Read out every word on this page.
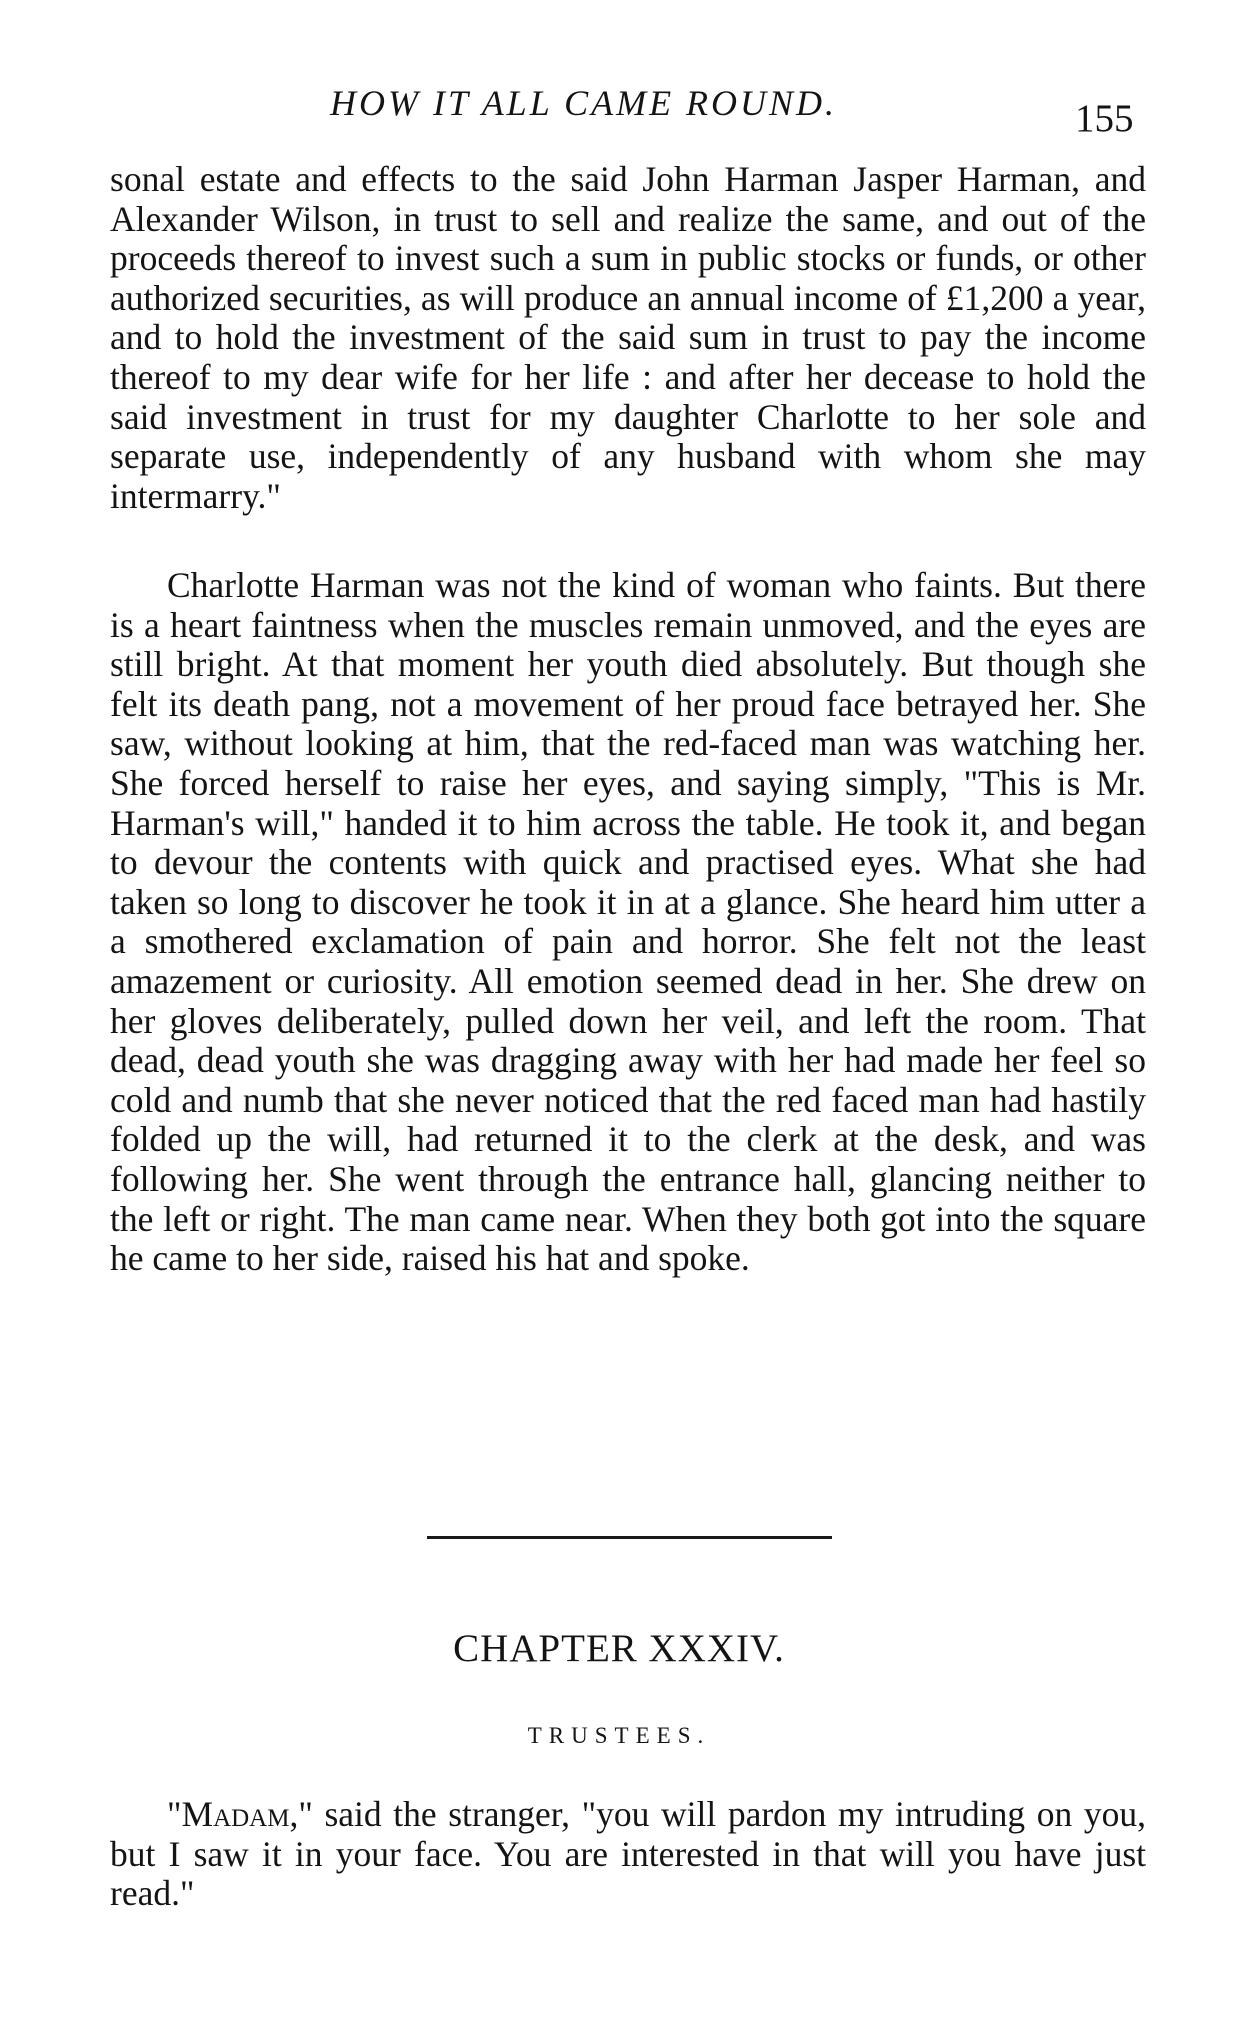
HOW IT ALL CAME ROUND.	155

sonal estate and effects to the said John Harman Jasper Harman, and Alexander Wilson, in trust to sell and realize the same, and out of the proceeds thereof to invest such a sum in public stocks or funds, or other authorized securities, as will produce an annual income of £1,200 a year, and to hold the investment of the said sum in trust to pay the income thereof to my dear wife for her life : and after her decease to hold the said investment in trust for my daughter Charlotte to her sole and separate use, independently of any husband with whom she may intermarry."

Charlotte Harman was not the kind of woman who faints. But there is a heart faintness when the muscles remain unmoved, and the eyes are still bright. At that moment her youth died absolutely. But though she felt its death pang, not a movement of her proud face betrayed her. She saw, without looking at him, that the red-faced man was watching her. She forced herself to raise her eyes, and saying simply, "This is Mr. Harman's will," handed it to him across the table. He took it, and began to devour the contents with quick and practised eyes. What she had taken so long to discover he took it in at a glance. She heard him utter a a smothered exclamation of pain and horror. She felt not the least amazement or curiosity. All emotion seemed dead in her. She drew on her gloves deliberately, pulled down her veil, and left the room. That dead, dead youth she was dragging away with her had made her feel so cold and numb that she never noticed that the red faced man had hastily folded up the will, had returned it to the clerk at the desk, and was following her. She went through the entrance hall, glancing neither to the left or right. The man came near. When they both got into the square he came to her side, raised his hat and spoke.

CHAPTER XXXIV.
TRUSTEES.

"Madam," said the stranger, "you will pardon my intruding on you, but I saw it in your face. You are interested in that will you have just read."
